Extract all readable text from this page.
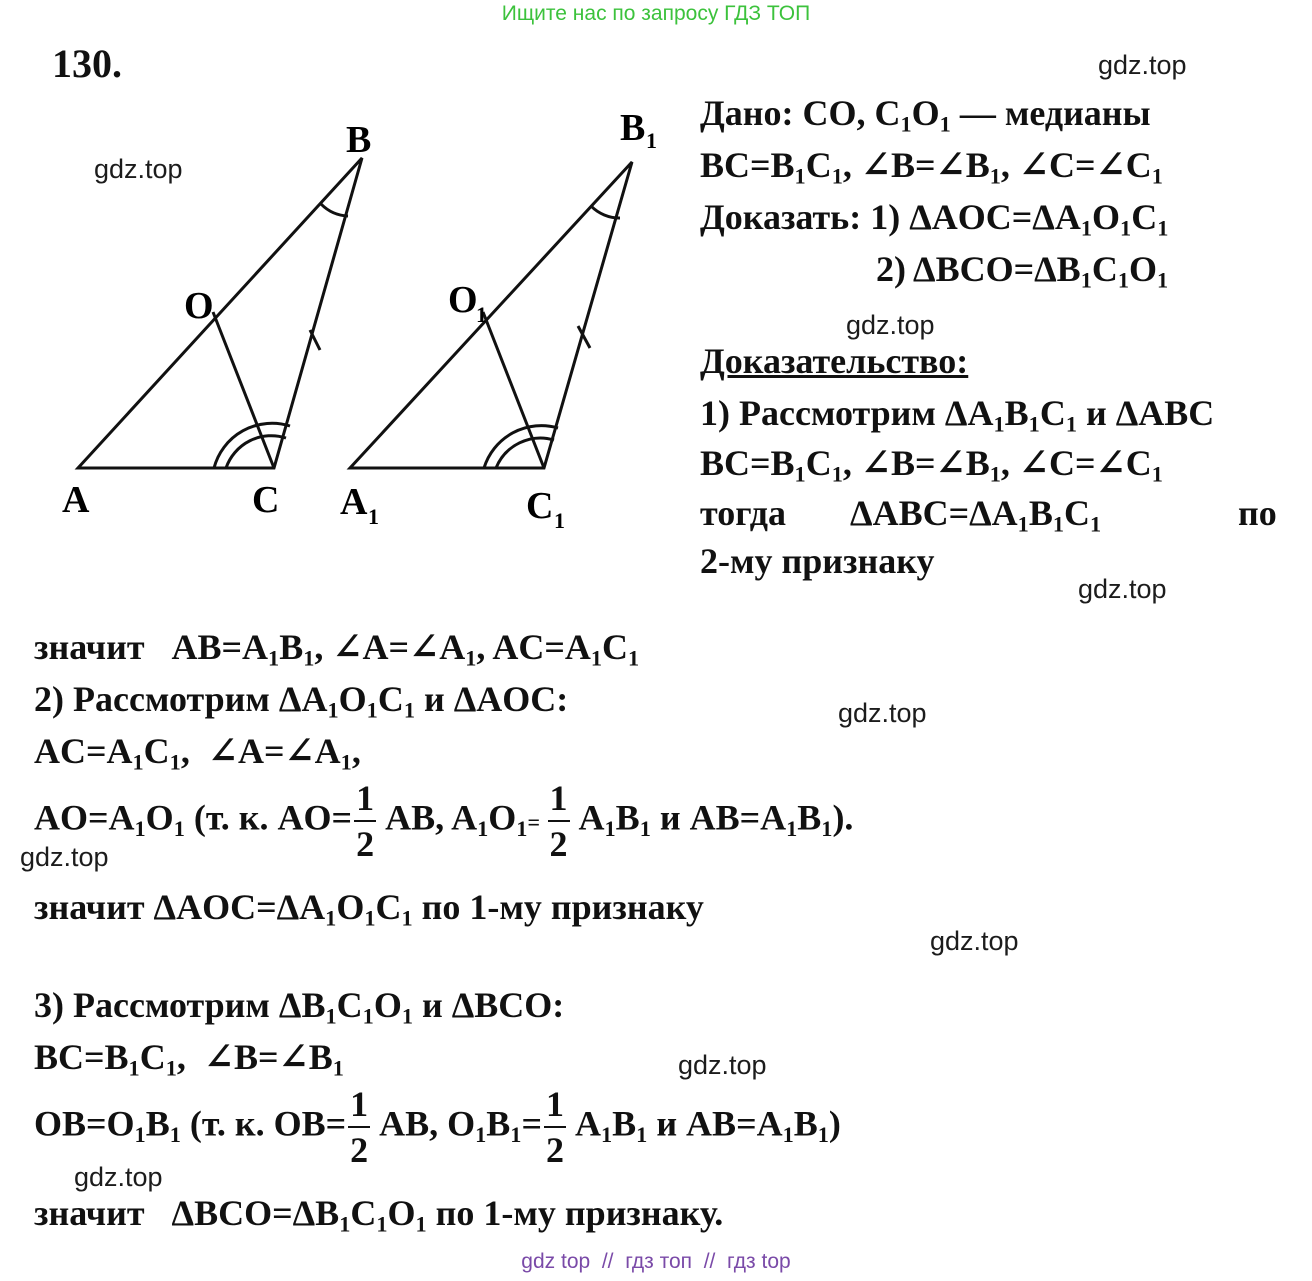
Ищите нас по запросу ГДЗ ТОП
130.	gdz.top
gdz.top
gdz.top
gdz.top
gdz.top
gdz.top
gdz.top
gdz.top
gdz.top
B
O
A	C
B 1
O
1
A 1	C 1
Дано: CO, $C_1O_1$ — медианы
$BC=B_1C_1$, $\angle B=\angle B_1$, $\angle C=\angle C_1$
Доказать: 1) $\Delta AOC=\Delta A_1O_1C_1$
2) $\Delta BCO=\Delta B_1C_1O_1$
Доказательство:
1) Рассмотрим $\Delta A_1B_1C_1$ и ΔABC
$BC=B_1C_1$, $\angle B=\angle B_1$, $\angle C=\angle C_1$
тогда $\Delta ABC=\Delta A_1B_1C_1$	по
2-му признаку
значит   $AB=A_1B_1$, $\angle A=\angle A_1$, $AC=A_1C_1$
2) Рассмотрим $\Delta A_1O_1C_1$ и ΔAOC:
$AC=A_1C_1$,  $\angle A=\angle A_1$,
$AO=A_1O_1$ (т. к. $AO= \frac{1}{2}$ AB, $A_1O_1= \frac{1}{2} A_1B_1$ и $AB=A_1B_1$).
значит $\Delta AOC=\Delta A_1O_1C_1$ по 1-му признаку
3) Рассмотрим $\Delta B_1C_1O_1$ и ΔBCO:
$BC=B_1C_1$,  $\angle B=\angle B_1$
$OB=O_1B_1$ (т. к. $OB= \frac{1}{2}$ AB, $O_1B_1= \frac{1}{2} A_1B_1$ и $AB=A_1B_1$)
значит   $\Delta BCO=\Delta B_1C_1O_1$ по 1-му признаку.
gdz top  //  гдз топ  //  гдз top
